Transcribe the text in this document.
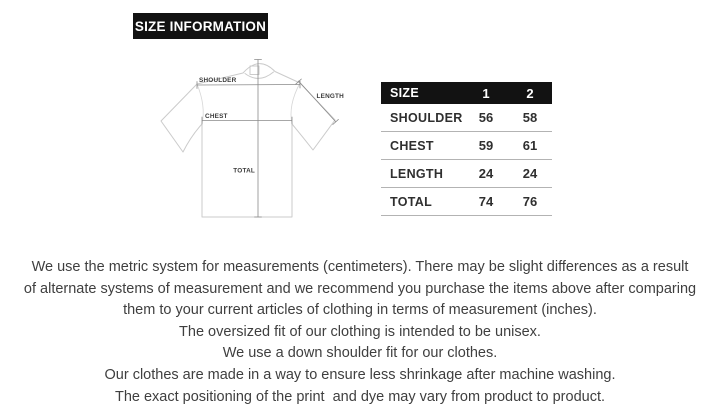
SIZE INFORMATION
SHOULDER
LENGTH
CHEST
TOTAL
SIZE	1	2
SHOULDER	56	58
CHEST	59	61
LENGTH	24	24
TOTAL	74	76
We use the metric system for measurements (centimeters). There may be slight differences as a result
of alternate systems of measurement and we recommend you purchase the items above after comparing
them to your current articles of clothing in terms of measurement (inches).
The oversized fit of our clothing is intended to be unisex.
We use a down shoulder fit for our clothes.
Our clothes are made in a way to ensure less shrinkage after machine washing.
The exact positioning of the print  and dye may vary from product to product.
